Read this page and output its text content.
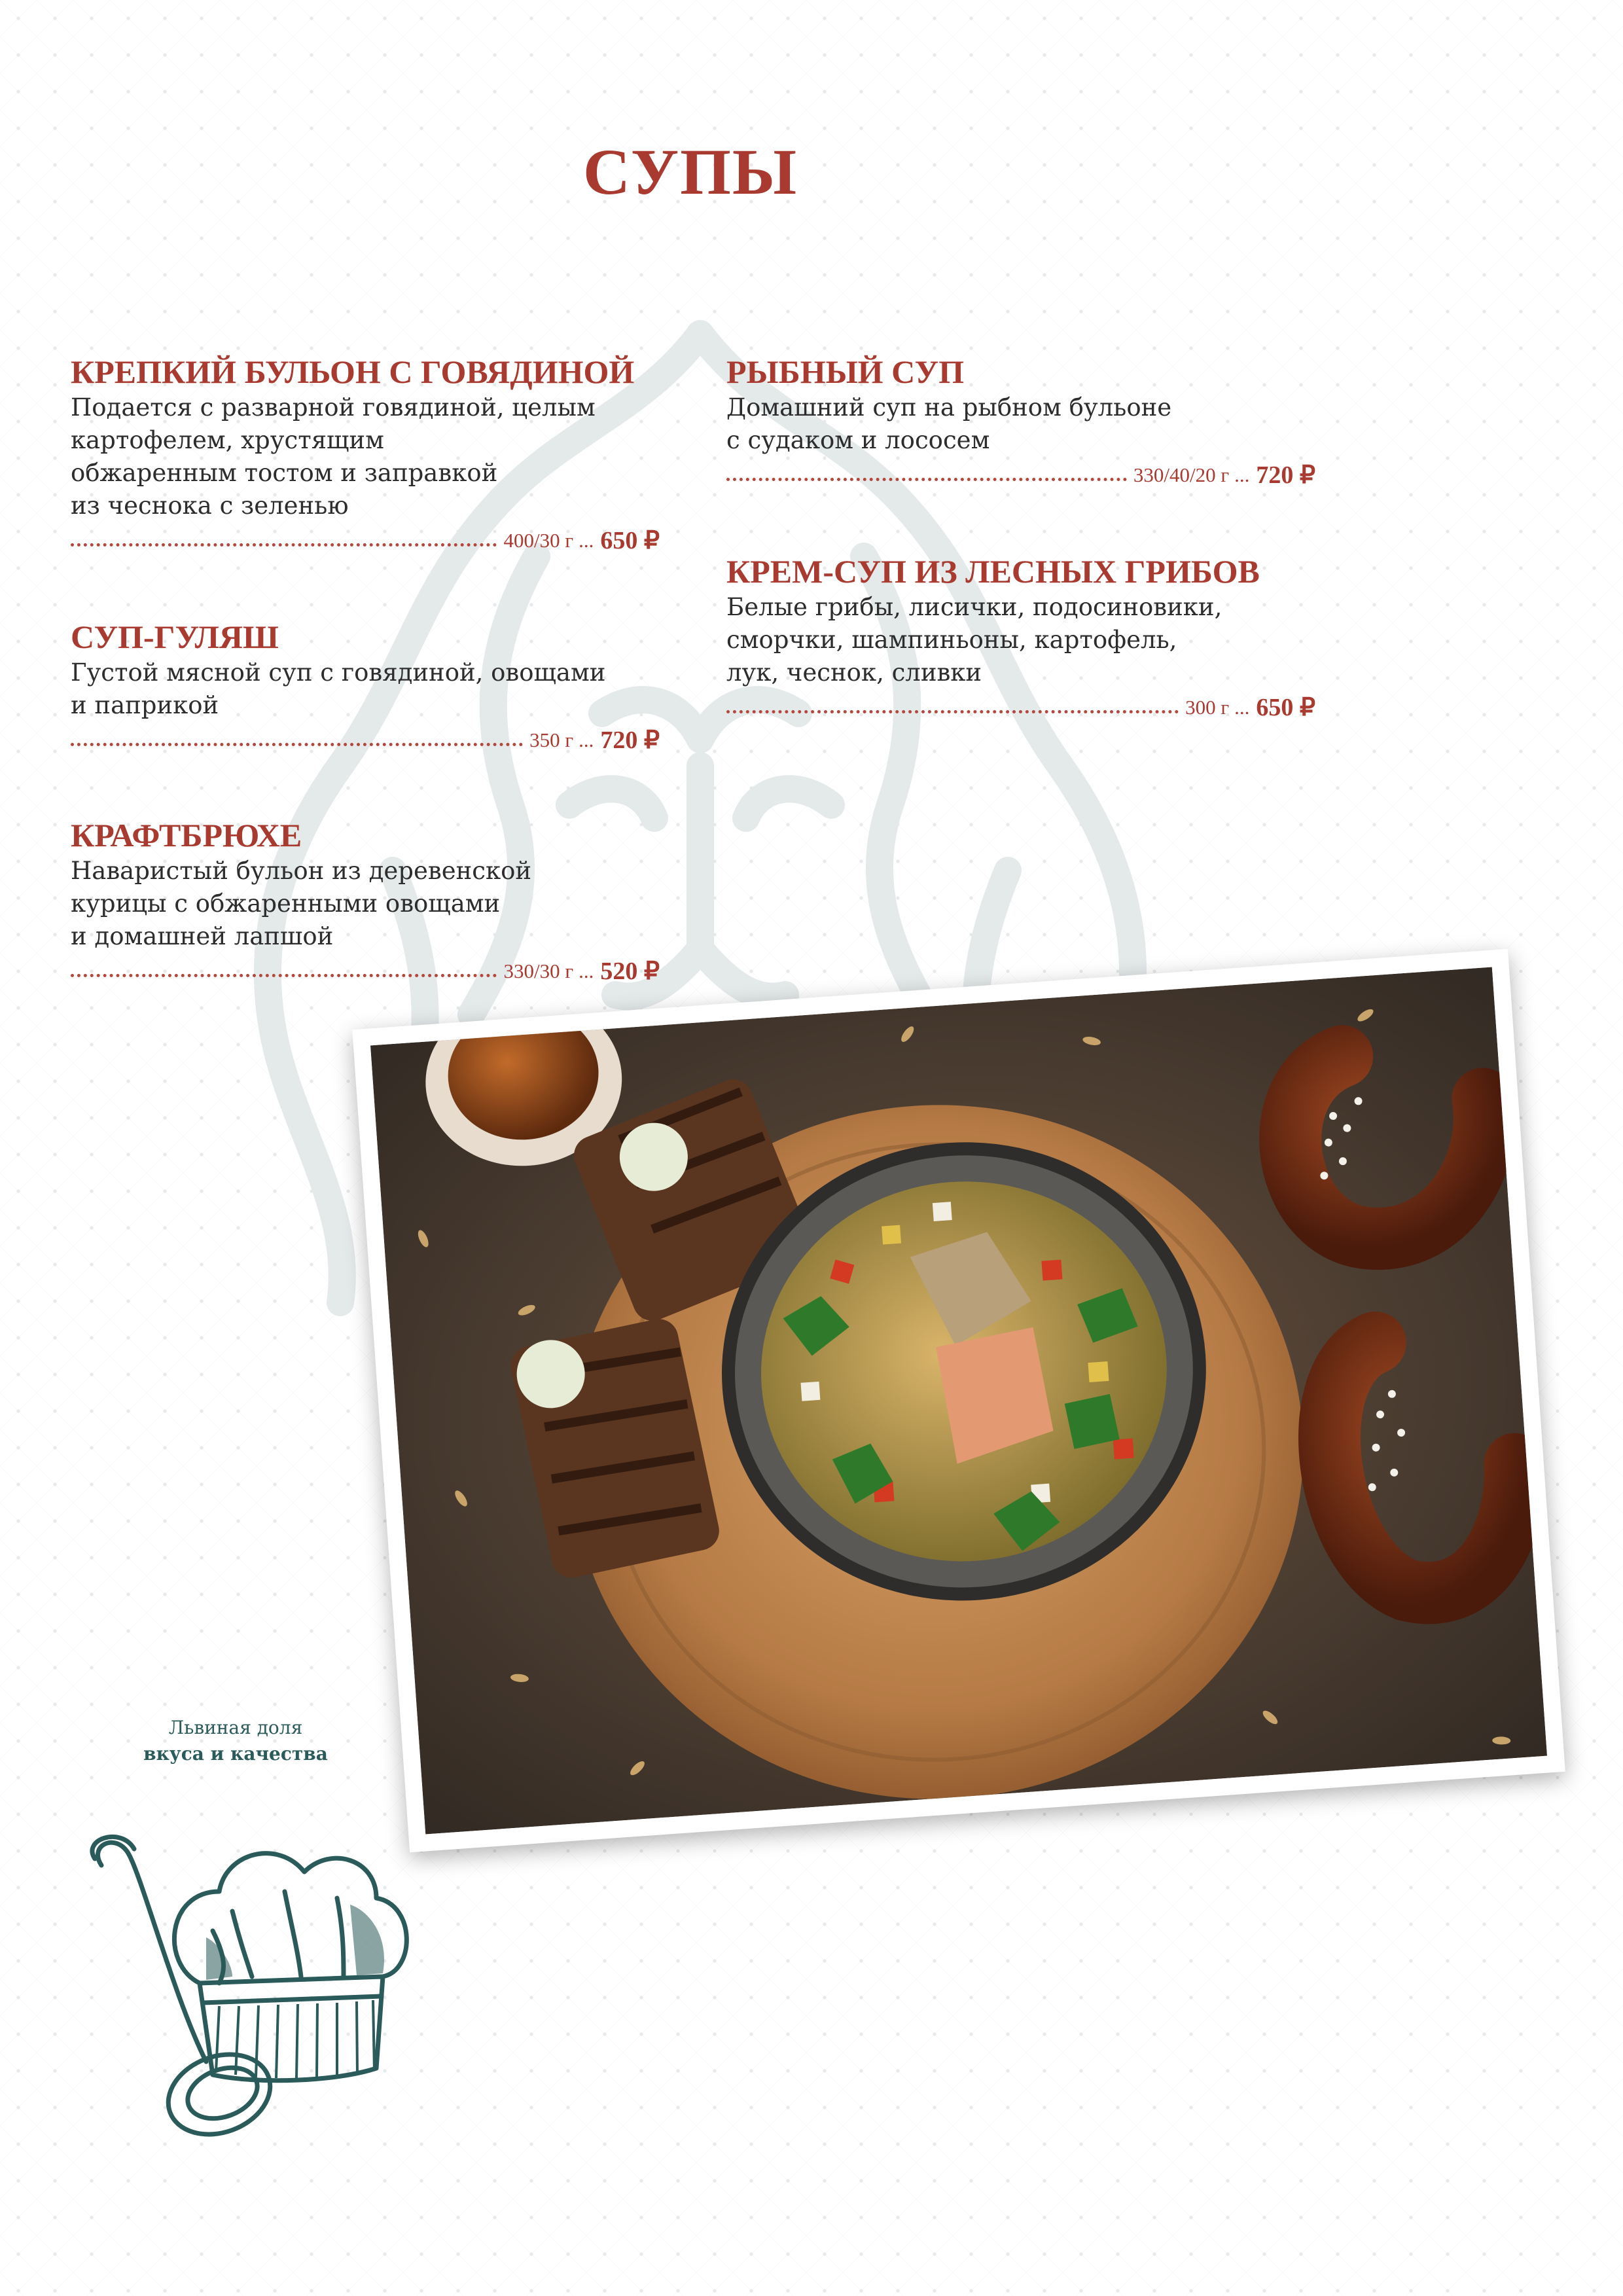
СУПЫ
КРЕПКИЙ БУЛЬОН С ГОВЯДИНОЙ
Подается с разварной говядиной, целым
картофелем, хрустящим
обжаренным тостом и заправкой
из чеснока с зеленью
400/30 г ... 650 ₽
СУП-ГУЛЯШ
Густой мясной суп с говядиной, овощами
и паприкой
350 г ... 720 ₽
КРАФТБРЮХЕ
Наваристый бульон из деревенской
курицы с обжаренными овощами
и домашней лапшой
330/30 г ... 520 ₽
РЫБНЫЙ СУП
Домашний суп на рыбном бульоне
с судаком и лососем
330/40/20 г ... 720 ₽
КРЕМ-СУП ИЗ ЛЕСНЫХ ГРИБОВ
Белые грибы, лисички, подосиновики,
сморчки, шампиньоны, картофель,
лук, чеснок, сливки
300 г ... 650 ₽
Львиная доля
вкуса и качества
